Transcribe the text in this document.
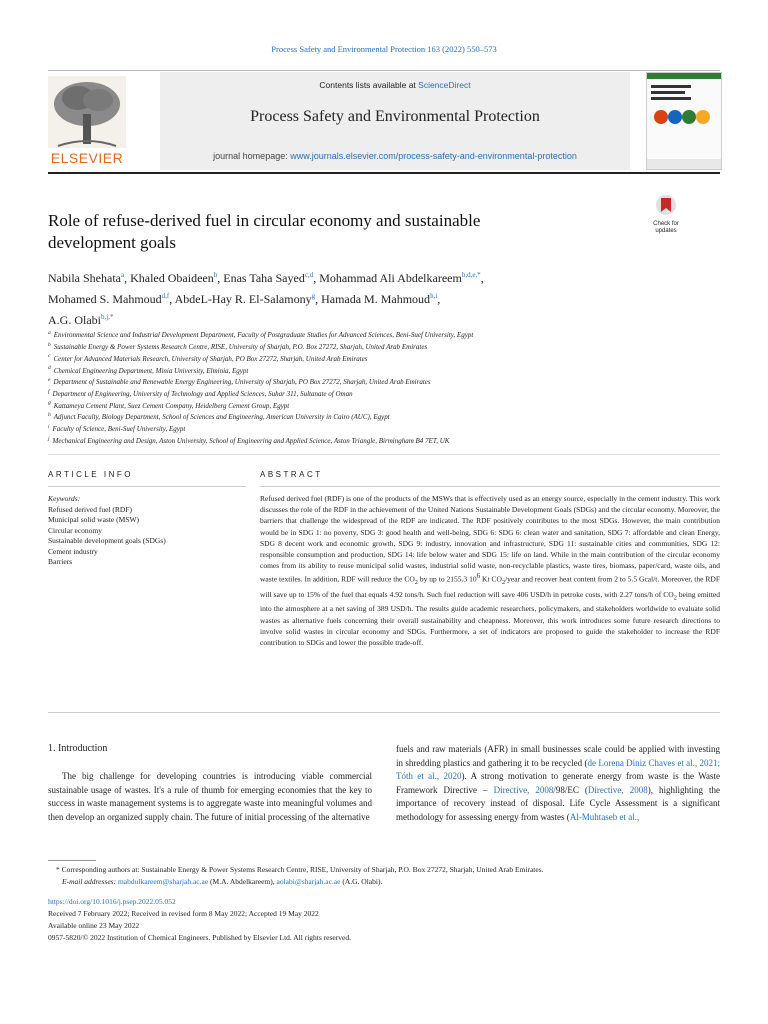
Process Safety and Environmental Protection 163 (2022) 550–573
ELSEVIER
Contents lists available at ScienceDirect
Process Safety and Environmental Protection
journal homepage: www.journals.elsevier.com/process-safety-and-environmental-protection
Role of refuse-derived fuel in circular economy and sustainable
development goals
Check for
updates
Nabila Shehata$^a$, Khaled Obaideen$^b$, Enas Taha Sayed$^{c,d}$, Mohammad Ali Abdelkareem$^{b,d,e,*}$,
Mohamed S. Mahmoud$^{d,f}$, AbdeL-Hay R. El-Salamony$^g$, Hamada M. Mahmoud$^{h,i}$,
A.G. Olabi$^{b,j,*}$
$^a$ Environmental Science and Industrial Development Department, Faculty of Postgraduate Studies for Advanced Sciences, Beni-Suef University, Egypt
$^b$ Sustainable Energy & Power Systems Research Centre, RISE, University of Sharjah, P.O. Box 27272, Sharjah, United Arab Emirates
$^c$ Center for Advanced Materials Research, University of Sharjah, PO Box 27272, Sharjah, United Arab Emirates
$^d$ Chemical Engineering Department, Minia University, Elminia, Egypt
$^e$ Department of Sustainable and Renewable Energy Engineering, University of Sharjah, PO Box 27272, Sharjah, United Arab Emirates
$^f$ Department of Engineering, University of Technology and Applied Sciences, Suhar 311, Sultanate of Oman
$^g$ Kattameya Cement Plant, Suez Cement Company, Heidelberg Cement Group, Egypt
$^h$ Adjunct Faculty, Biology Department, School of Sciences and Engineering, American University in Cairo (AUC), Egypt
$^i$ Faculty of Science, Beni-Suef University, Egypt
$^j$ Mechanical Engineering and Design, Aston University, School of Engineering and Applied Science, Aston Triangle, Birmingham B4 7ET, UK
ARTICLE INFO	ABSTRACT
Keywords:
Refused derived fuel (RDF)
Municipal solid waste (MSW)
Circular economy
Sustainable development goals (SDGs)
Cement industry
Barriers
Refused derived fuel (RDF) is one of the products of the MSWs that is effectively used as an energy source, especially in the cement industry. This work discusses the role of the RDF in the achievement of the United Nations Sustainable Development Goals (SDGs) and the circular economy. Moreover, the barriers that challenge the widespread of the RDF are indicated. The RDF positively contributes to the most SDGs. However, the main contribution would be in SDG 1: no poverty, SDG 3: good health and well-being, SDG 6: SDG 6: clean water and sanitation, SDG 7: affordable and clean Energy, SDG 8 decent work and economic growth, SDG 9: industry, innovation and infrastructure, SDG 11: sustainable cities and communities, SDG 12: responsible consumption and production, SDG 14: life below water and SDG 15: life on land. While in the main contribution of the circular economy comes from its ability to reuse municipal solid wastes, industrial solid waste, non-recyclable plastics, waste tires, biomass, paper/card, waste oils, and waste textiles. In addition, RDF will reduce the $CO_2$ by up to 2155.3 $10^6$ Kt $CO_2$/year and recover heat content from 2 to 5.5 Gcal/t. Moreover, the RDF will save up to 15% of the fuel that equals 4.92 tons/h. Such fuel reduction will save 406 USD/h in petroke costs, with 2.27 tons/h of $CO_2$ being emitted into the atmosphere at a net saving of 389 USD/h. The results guide academic researchers, policymakers, and stakeholders worldwide to evaluate solid wastes as alternative fuels concerning their overall sustainability and cheapness. Moreover, this work introduces some future research directions to involve solid wastes in circular economy and SDGs. Furthermore, a set of indicators are proposed to guide the stakeholder to increase the RDF contribution to SDGs and lower the possible trade-off.
1. Introduction
The big challenge for developing countries is introducing viable commercial sustainable usage of wastes. It's a rule of thumb for emerging economies that the key to success in waste management systems is to aggregate waste into meaningful volumes and then develop an organized supply chain. The future of initial processing of the alternative
fuels and raw materials (AFR) in small businesses scale could be applied with investing in shredding plastics and gathering it to be recycled (de Lorena Diniz Chaves et al., 2021; Tóth et al., 2020). A strong motivation to generate energy from waste is the Waste Framework Directive – Directive, 2008/98/EC (Directive, 2008), highlighting the importance of recovery instead of disposal. Life Cycle Assessment is a significant methodology for assessing energy from wastes (Al-Muhtaseb et al.,
* Corresponding authors at: Sustainable Energy & Power Systems Research Centre, RISE, University of Sharjah, P.O. Box 27272, Sharjah, United Arab Emirates.
E-mail addresses: mabdulkareem@sharjah.ac.ae (M.A. Abdelkareem), aolabi@sharjah.ac.ae (A.G. Olabi).
https://doi.org/10.1016/j.psep.2022.05.052
Received 7 February 2022; Received in revised form 8 May 2022; Accepted 19 May 2022
Available online 23 May 2022
0957-5820/© 2022 Institution of Chemical Engineers. Published by Elsevier Ltd. All rights reserved.
